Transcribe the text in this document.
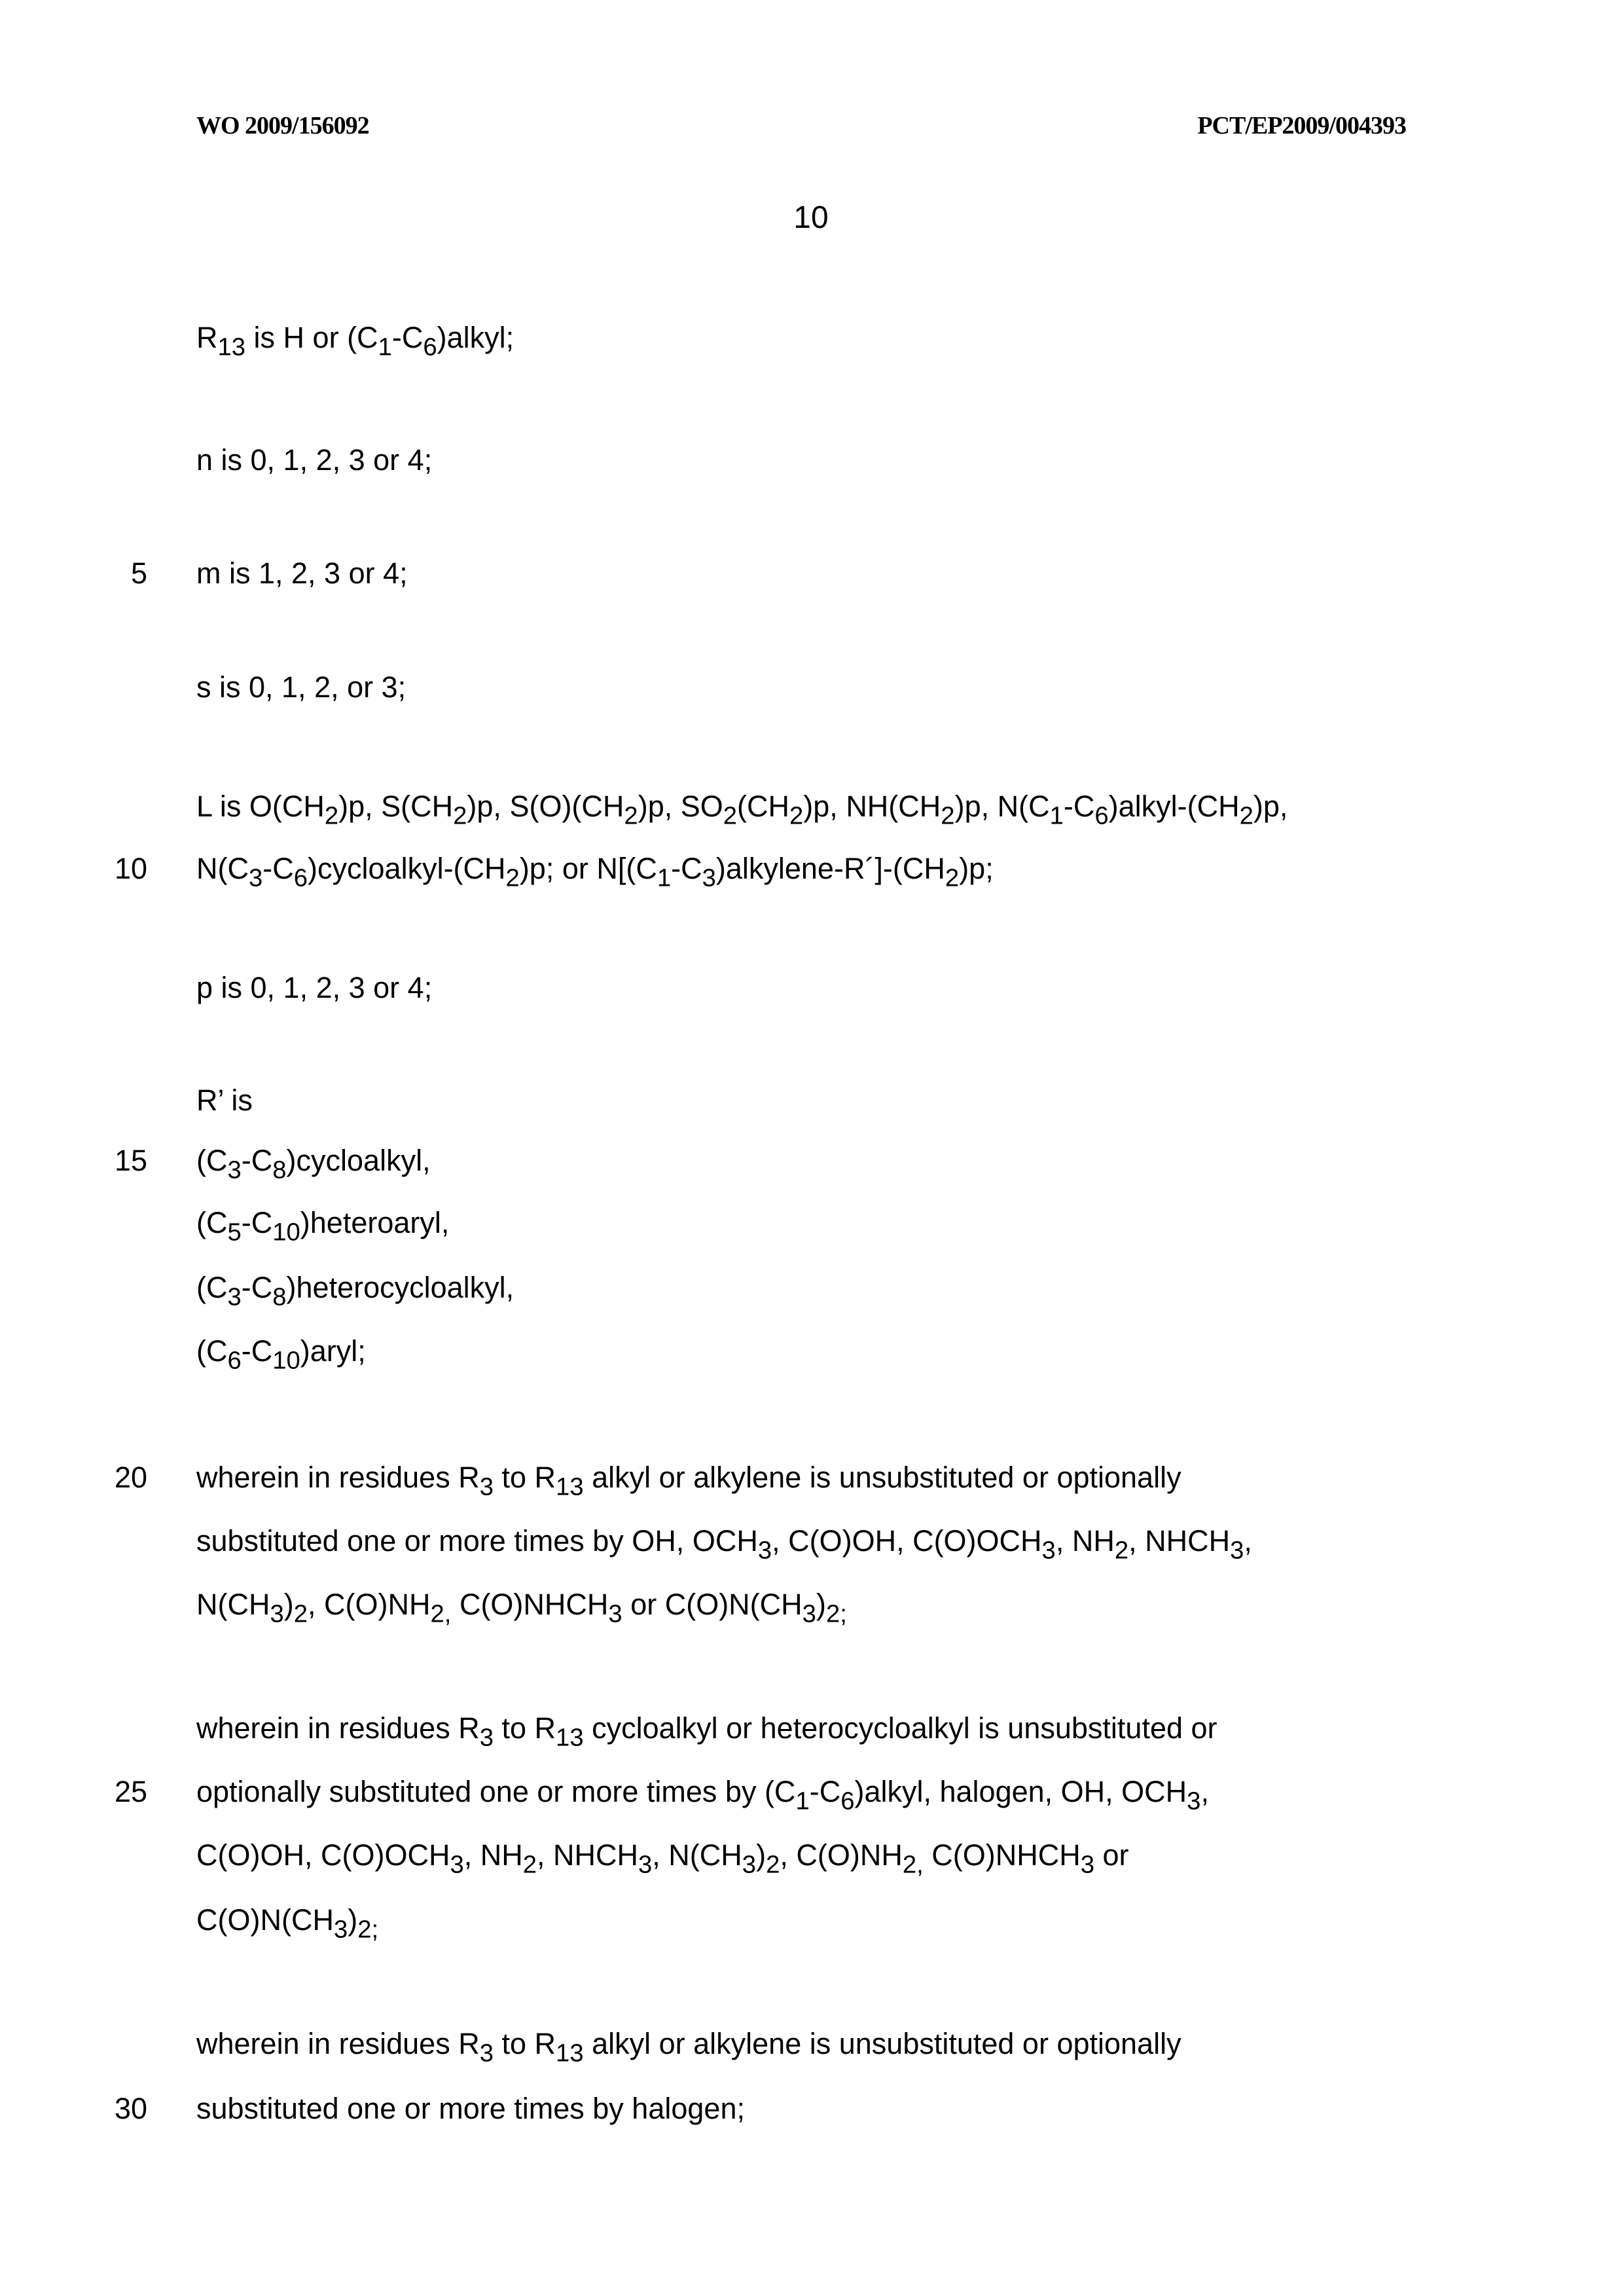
WO 2009/156092	PCT/EP2009/004393
10
5
10
15
20
25
30
$R_{13}$ is H or $(C_1-C_6)alkyl$;
n is 0, 1, 2, 3 or 4;
m is 1, 2, 3 or 4;
s is 0, 1, 2, or 3;
L is $O(CH_2)p$, $S(CH_2)p$, $S(O)(CH_2)p$, $SO_2(CH_2)p$, $NH(CH_2)p$, $N(C_1-C_6)alkyl-(CH_2)p$,
$N(C_3-C_6)cycloalkyl-(CH_2)p$; or $N[(C_1-C_3)alkylene-R´]-(CH_2)p$;
p is 0, 1, 2, 3 or 4;
R’ is
$(C_3-C_8)cycloalkyl$,
$(C_5-C_{10})heteroaryl$,
$(C_3-C_8)heterocycloalkyl$,
$(C_6-C_{10})aryl$;
wherein in residues $R_3$ to $R_{13}$ alkyl or alkylene is unsubstituted or optionally
substituted one or more times by OH, $OCH_3$, C(O)OH, $C(O)OCH_3$, $NH_2$, $NHCH_3$,
$N(CH_3)_2$, $C(O)NH_{2,}$ $C(O)NHCH_3$ or $C(O)N(CH_3)_{2;}$
wherein in residues $R_3$ to $R_{13}$ cycloalkyl or heterocycloalkyl is unsubstituted or
optionally substituted one or more times by $(C_1-C_6)alkyl$, halogen, OH, $OCH_3$,
C(O)OH, $C(O)OCH_3$, $NH_2$, $NHCH_3$, $N(CH_3)_2$, $C(O)NH_{2,}$ $C(O)NHCH_3$ or
$C(O)N(CH_3)_{2;}$
wherein in residues $R_3$ to $R_{13}$ alkyl or alkylene is unsubstituted or optionally
substituted one or more times by halogen;
